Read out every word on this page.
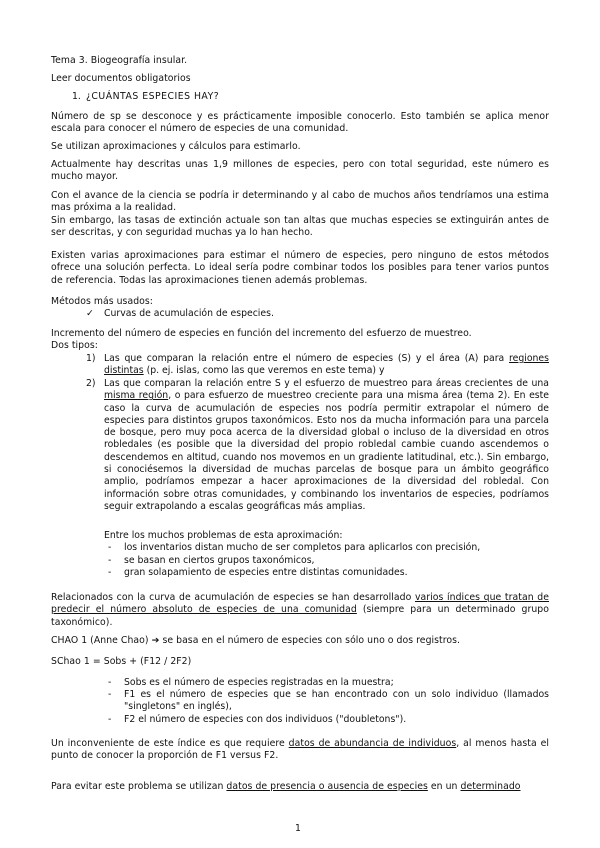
Tema 3. Biogeografía insular.
Leer documentos obligatorios
1. ¿CUÁNTAS ESPECIES HAY?
Número de sp se desconoce y es prácticamente imposible conocerlo. Esto también se aplica menor escala para conocer el número de especies de una comunidad.
Se utilizan aproximaciones y cálculos para estimarlo.
Actualmente hay descritas unas 1,9 millones de especies, pero con total seguridad, este número es mucho mayor.
Con el avance de la ciencia se podría ir determinando y al cabo de muchos años tendríamos una estima mas próxima a la realidad.
Sin embargo, las tasas de extinción actuale son tan altas que muchas especies se extinguirán antes de ser descritas, y con seguridad muchas ya lo han hecho.
Existen varias aproximaciones para estimar el número de especies, pero ninguno de estos métodos ofrece una solución perfecta. Lo ideal sería podre combinar todos los posibles para tener varios puntos de referencia. Todas las aproximaciones tienen además problemas.
Métodos más usados:
✓ Curvas de acumulación de especies.
Incremento del número de especies en función del incremento del esfuerzo de muestreo.
Dos tipos:
1) Las que comparan la relación entre el número de especies (S) y el área (A) para regiones distintas (p. ej. islas, como las que veremos en este tema) y
2) Las que comparan la relación entre S y el esfuerzo de muestreo para áreas crecientes de una misma región, o para esfuerzo de muestreo creciente para una misma área (tema 2). En este caso la curva de acumulación de especies nos podría permitir extrapolar el número de especies para distintos grupos taxonómicos. Esto nos da mucha información para una parcela de bosque, pero muy poca acerca de la diversidad global o incluso de la diversidad en otros robledales (es posible que la diversidad del propio robledal cambie cuando ascendemos o descendemos en altitud, cuando nos movemos en un gradiente latitudinal, etc.). Sin embargo, si conociésemos la diversidad de muchas parcelas de bosque para un ámbito geográfico amplio, podríamos empezar a hacer aproximaciones de la diversidad del robledal. Con información sobre otras comunidades, y combinando los inventarios de especies, podríamos seguir extrapolando a escalas geográficas más amplias.
Entre los muchos problemas de esta aproximación:
- los inventarios distan mucho de ser completos para aplicarlos con precisión,
- se basan en ciertos grupos taxonómicos,
- gran solapamiento de especies entre distintas comunidades.
Relacionados con la curva de acumulación de especies se han desarrollado varios índices que tratan de predecir el número absoluto de especies de una comunidad (siempre para un determinado grupo taxonómico).
CHAO 1 (Anne Chao) ➔ se basa en el número de especies con sólo uno o dos registros.
SChao 1 = Sobs + (F12 / 2F2)
- Sobs es el número de especies registradas en la muestra;
- F1 es el número de especies que se han encontrado con un solo individuo (llamados "singletons" en inglés),
- F2 el número de especies con dos individuos ("doubletons").
Un inconveniente de este índice es que requiere datos de abundancia de individuos, al menos hasta el punto de conocer la proporción de F1 versus F2.
Para evitar este problema se utilizan datos de presencia o ausencia de especies en un determinado
1
